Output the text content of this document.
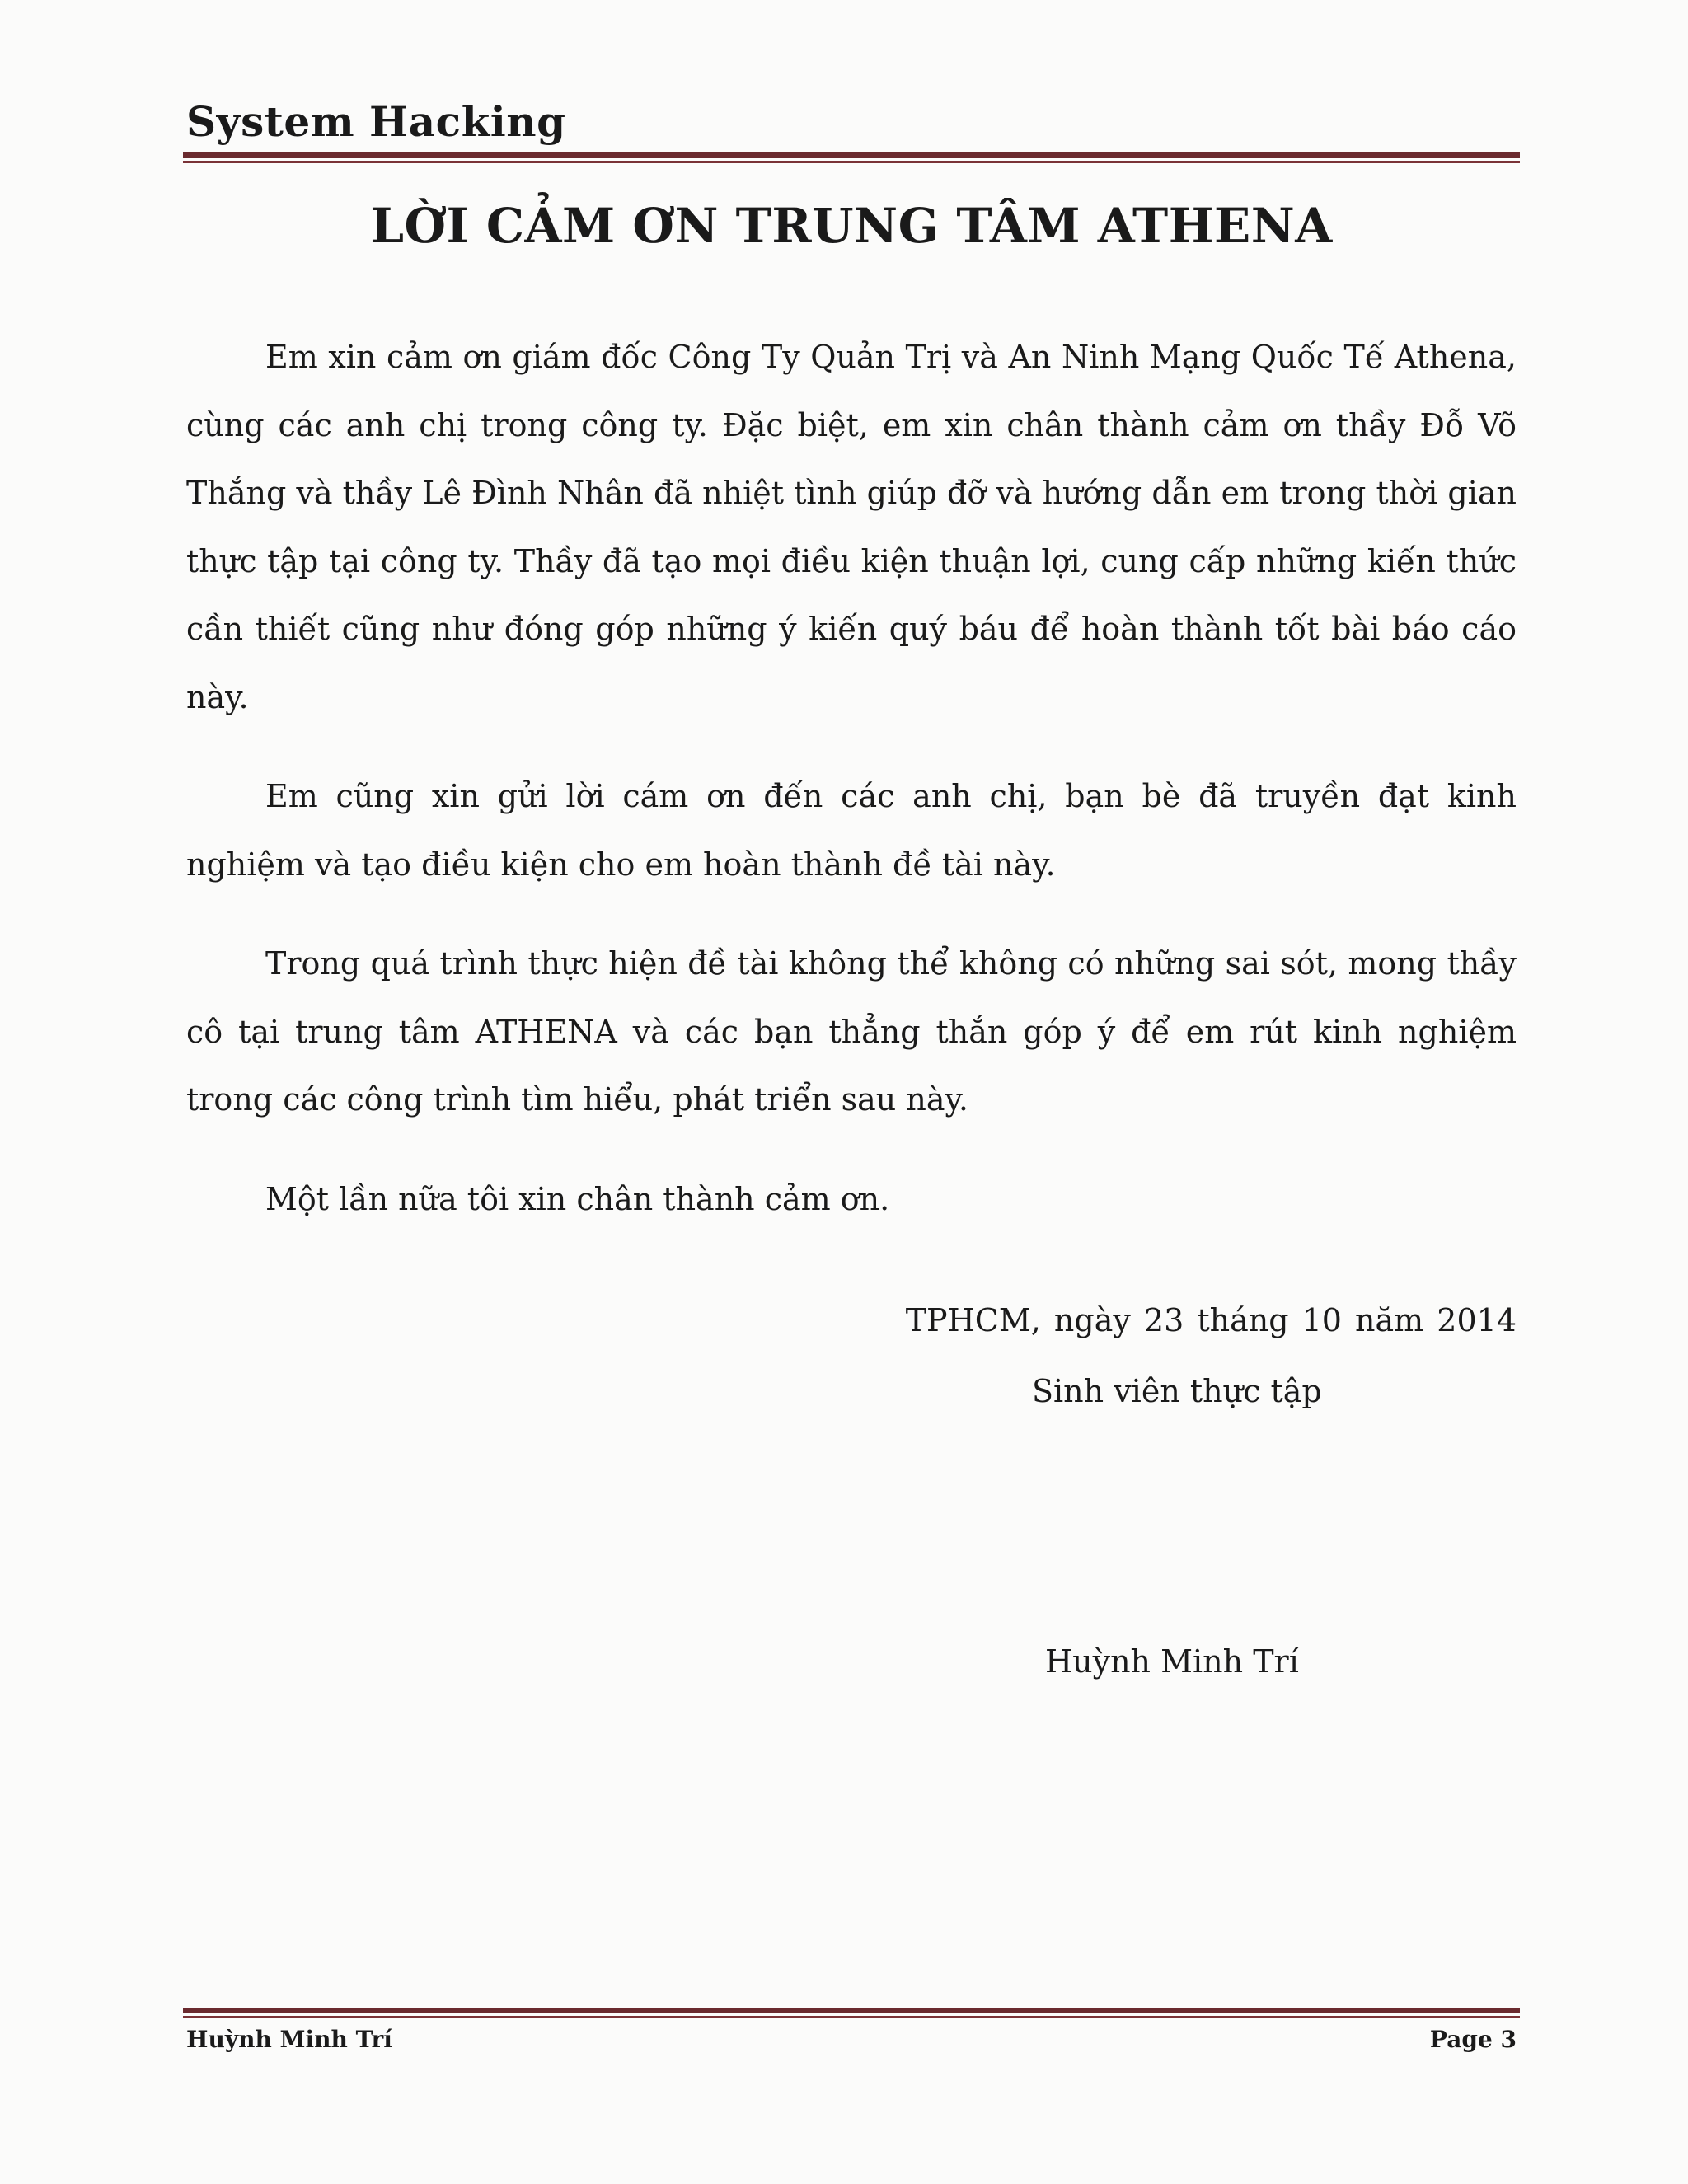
System Hacking
LỜI CẢM ƠN TRUNG TÂM ATHENA

Em xin cảm ơn giám đốc Công Ty Quản Trị và An Ninh Mạng Quốc Tế Athena, cùng các anh chị trong công ty. Đặc biệt, em xin chân thành cảm ơn thầy Đỗ Võ Thắng và thầy Lê Đình Nhân đã nhiệt tình giúp đỡ và hướng dẫn em trong thời gian thực tập tại công ty. Thầy đã tạo mọi điều kiện thuận lợi, cung cấp những kiến thức cần thiết cũng như đóng góp những ý kiến quý báu để hoàn thành tốt bài báo cáo này.

Em cũng xin gửi lời cám ơn đến các anh chị, bạn bè đã truyền đạt kinh nghiệm và tạo điều kiện cho em hoàn thành đề tài này.

Trong quá trình thực hiện đề tài không thể không có những sai sót, mong thầy cô tại trung tâm ATHENA và các bạn thẳng thắn góp ý để em rút kinh nghiệm trong các công trình tìm hiểu, phát triển sau này.

Một lần nữa tôi xin chân thành cảm ơn.

TPHCM, ngày 23 tháng 10 năm 2014
Sinh viên thực tập
Huỳnh Minh Trí
Huỳnh Minh Trí	Page 3
